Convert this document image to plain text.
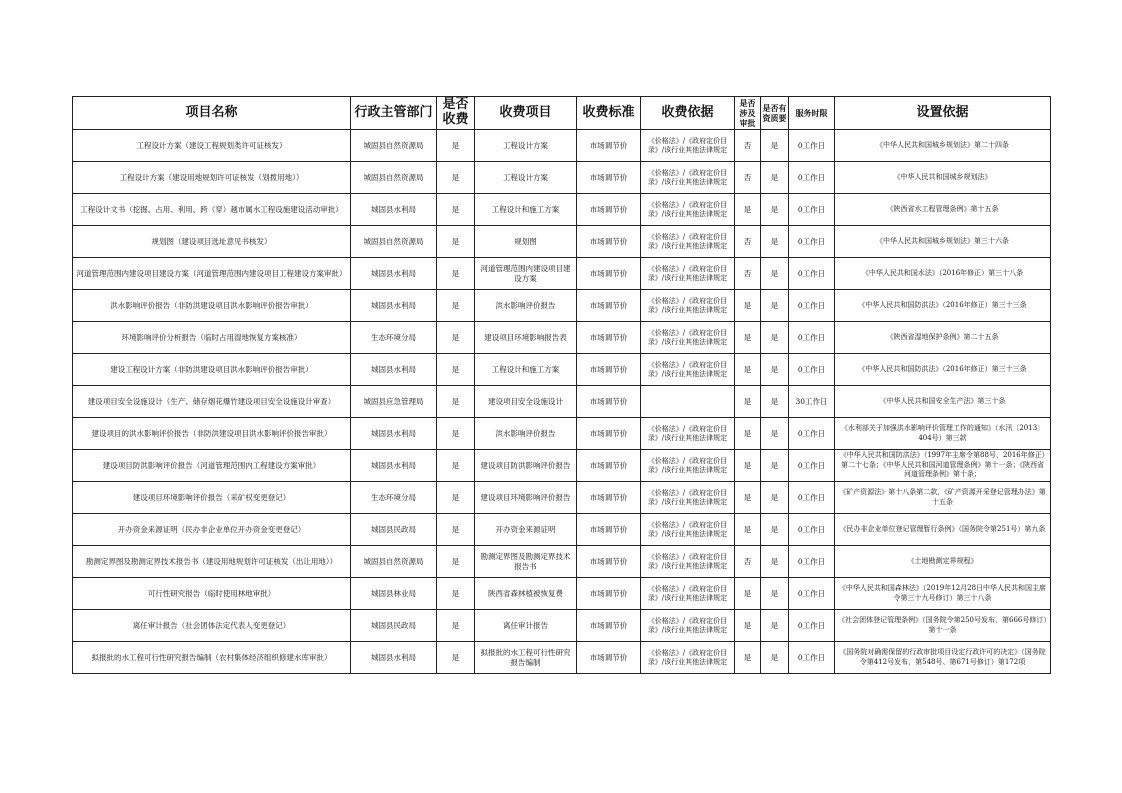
项目名称	行政主管部门	是否收费	收费项目	收费标准	收费依据	是否涉及审批	是否有资质要	服务时限	设置依据
工程设计方案（建设工程规划类许可证核发）	城固县自然资源局	是	工程设计方案	市场调节价	《价格法》/《政府定价目录》/该行业其他法律规定	否	是	0工作日	《中华人民共和国城乡规划法》第二十四条
工程设计方案（建设用地规划许可证核发（划拨用地））	城固县自然资源局	是	工程设计方案	市场调节价	《价格法》/《政府定价目录》/该行业其他法律规定	否	是	0工作日	《中华人民共和国城乡规划法》
工程设计文书（挖掘、占用、利用、跨（穿）越市属水工程设施建设活动审批）	城固县水利局	是	工程设计和施工方案	市场调节价	《价格法》/《政府定价目录》/该行业其他法律规定	是	是	0工作日	《陕西省水工程管理条例》第十五条
规划图（建设项目选址意见书核发）	城固县自然资源局	是	规划图	市场调节价	《价格法》/《政府定价目录》/该行业其他法律规定	否	是	0工作日	《中华人民共和国城乡规划法》第三十六条
河道管理范围内建设项目建设方案（河道管理范围内建设项目工程建设方案审批）	城固县水利局	是	河道管理范围内建设项目建设方案	市场调节价	《价格法》/《政府定价目录》/该行业其他法律规定	否	是	0工作日	《中华人民共和国水法》（2016年修正）第三十八条
洪水影响评价报告（非防洪建设项目洪水影响评价报告审批）	城固县水利局	是	洪水影响评价报告	市场调节价	《价格法》/《政府定价目录》/该行业其他法律规定	是	是	0工作日	《中华人民共和国防洪法》（2016年修正）第三十三条
环境影响评价分析报告（临时占用湿地恢复方案核准）	生态环境分局	是	建设项目环境影响报告表	市场调节价	《价格法》/《政府定价目录》/该行业其他法律规定	是	是	0工作日	《陕西省湿地保护条例》第二十五条
建设工程设计方案（非防洪建设项目洪水影响评价报告审批）	城固县水利局	是	工程设计和施工方案	市场调节价	《价格法》/《政府定价目录》/该行业其他法律规定	是	是	0工作日	《中华人民共和国防洪法》（2016年修正）第三十三条
建设项目安全设施设计（生产、储存烟花爆竹建设项目安全设施设计审查）	城固县应急管理局	是	建设项目安全设施设计	市场调节价		是	是	30工作日	《中华人民共和国安全生产法》第三十条
建设项目的洪水影响评价报告（非防洪建设项目洪水影响评价报告审批）	城固县水利局	是	洪水影响评价报告	市场调节价	《价格法》/《政府定价目录》/该行业其他法律规定	是	是	0工作日	《水利部关于加强洪水影响评价管理工作的通知》（水汛〔2013〕404号）第三款
建设项目防洪影响评价报告（河道管理范围内工程建设方案审批）	城固县水利局	是	建设项目防洪影响评价报告	市场调节价	《价格法》/《政府定价目录》/该行业其他法律规定	是	是	0工作日	《中华人民共和国防洪法》（1997年主席令第88号，2016年修正）第二十七条；《中华人民共和国河道管理条例》第十一条；《陕西省河道管理条例》第十条；
建设项目环境影响评价报告（采矿权变更登记）	生态环境分局	是	建设项目环境影响评价报告	市场调节价	《价格法》/《政府定价目录》/该行业其他法律规定	是	是	0工作日	《矿产资源法》第十八条第二款，《矿产资源开采登记管理办法》第十五条
开办资金来源证明（民办非企业单位开办资金变更登记）	城固县民政局	是	开办资金来源证明	市场调节价	《价格法》/《政府定价目录》/该行业其他法律规定	是	是	0工作日	《民办非企业单位登记管理暂行条例》（国务院令第251号）第九条
勘测定界图及勘测定界技术报告书（建设用地规划许可证核发（出让用地））	城固县自然资源局	是	勘测定界图及勘测定界技术报告书	市场调节价	《价格法》/《政府定价目录》/该行业其他法律规定	否	是	0工作日	《土地勘测定界规程》
可行性研究报告（临时使用林地审批）	城固县林业局	是	陕西省森林植被恢复费	市场调节价	《价格法》/《政府定价目录》/该行业其他法律规定	是	是	0工作日	《中华人民共和国森林法》（2019年12月28日中华人民共和国主席令第三十九号修订）第三十八条
离任审计报告（社会团体法定代表人变更登记）	城固县民政局	是	离任审计报告	市场调节价	《价格法》/《政府定价目录》/该行业其他法律规定	是	是	0工作日	《社会团体登记管理条例》（国务院令第250号发布，第666号修订）第十一条
拟报批的水工程可行性研究报告编制（农村集体经济组织修建水库审批）	城固县水利局	是	拟报批的水工程可行性研究报告编制	市场调节价	《价格法》/《政府定价目录》/该行业其他法律规定	是	是	0工作日	《国务院对确需保留的行政审批项目设定行政许可的决定》（国务院令第412号发布，第548号、第671号修订）第172项
